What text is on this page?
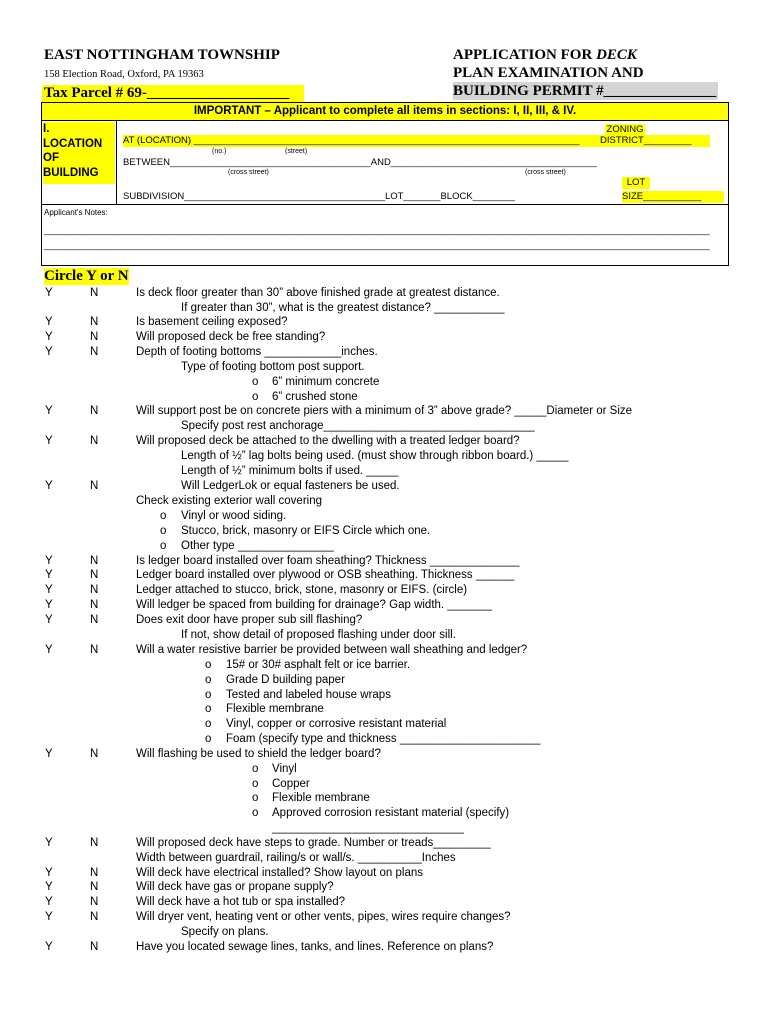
EAST NOTTINGHAM TOWNSHIP
158 Election Road, Oxford, PA 19363
Tax Parcel # 69-___________________
APPLICATION FOR DECK
PLAN EXAMINATION AND
BUILDING PERMIT #_______________
IMPORTANT – Applicant to complete all items in sections: I, II, III, & IV.
I.
LOCATION
OF
BUILDING
AT (LOCATION) _________________________________________________________________________
(no.)	(street)
ZONING
DISTRICT_________
BETWEEN______________________________________AND_______________________________________
(cross street)	(cross street)
LOT
SUBDIVISION______________________________________LOT_______BLOCK________	SIZE___________
Applicant's Notes:
______________________________________________________________________________________________________________________________
______________________________________________________________________________________________________________________________
Circle Y or N
Y	N	Is deck floor greater than 30” above finished grade at greatest distance.
If greater than 30”, what is the greatest distance? ___________
Y	N	Is basement ceiling exposed?
Y	N	Will proposed deck be free standing?
Y	N	Depth of footing bottoms ____________inches.
Type of footing bottom post support.
o 6” minimum concrete
o 6” crushed stone
Y	N	Will support post be on concrete piers with a minimum of 3” above grade? _____Diameter or Size
Specify post rest anchorage_________________________________
Y	N	Will proposed deck be attached to the dwelling with a treated ledger board?
Length of ½” lag bolts being used. (must show through ribbon board.) _____
Length of ½” minimum bolts if used. _____
Y	N	Will LedgerLok or equal fasteners be used.
Check existing exterior wall covering
o Vinyl or wood siding.
o Stucco, brick, masonry or EIFS Circle which one.
o Other type _______________
Y	N	Is ledger board installed over foam sheathing? Thickness ______________
Y	N	Ledger board installed over plywood or OSB sheathing. Thickness ______
Y	N	Ledger attached to stucco, brick, stone, masonry or EIFS. (circle)
Y	N	Will ledger be spaced from building for drainage? Gap width. _______
Y	N	Does exit door have proper sub sill flashing?
If not, show detail of proposed flashing under door sill.
Y	N	Will a water resistive barrier be provided between wall sheathing and ledger?
o 15# or 30# asphalt felt or ice barrier.
o Grade D building paper
o Tested and labeled house wraps
o Flexible membrane
o Vinyl, copper or corrosive resistant material
o Foam (specify type and thickness ______________________
Y	N	Will flashing be used to shield the ledger board?
o Vinyl
o Copper
o Flexible membrane
o Approved corrosion resistant material (specify)
______________________________
Y	N	Will proposed deck have steps to grade. Number or treads_________
Width between guardrail, railing/s or wall/s. __________Inches
Y	N	Will deck have electrical installed? Show layout on plans
Y	N	Will deck have gas or propane supply?
Y	N	Will deck have a hot tub or spa installed?
Y	N	Will dryer vent, heating vent or other vents, pipes, wires require changes?
Specify on plans.
Y	N	Have you located sewage lines, tanks, and lines. Reference on plans?
